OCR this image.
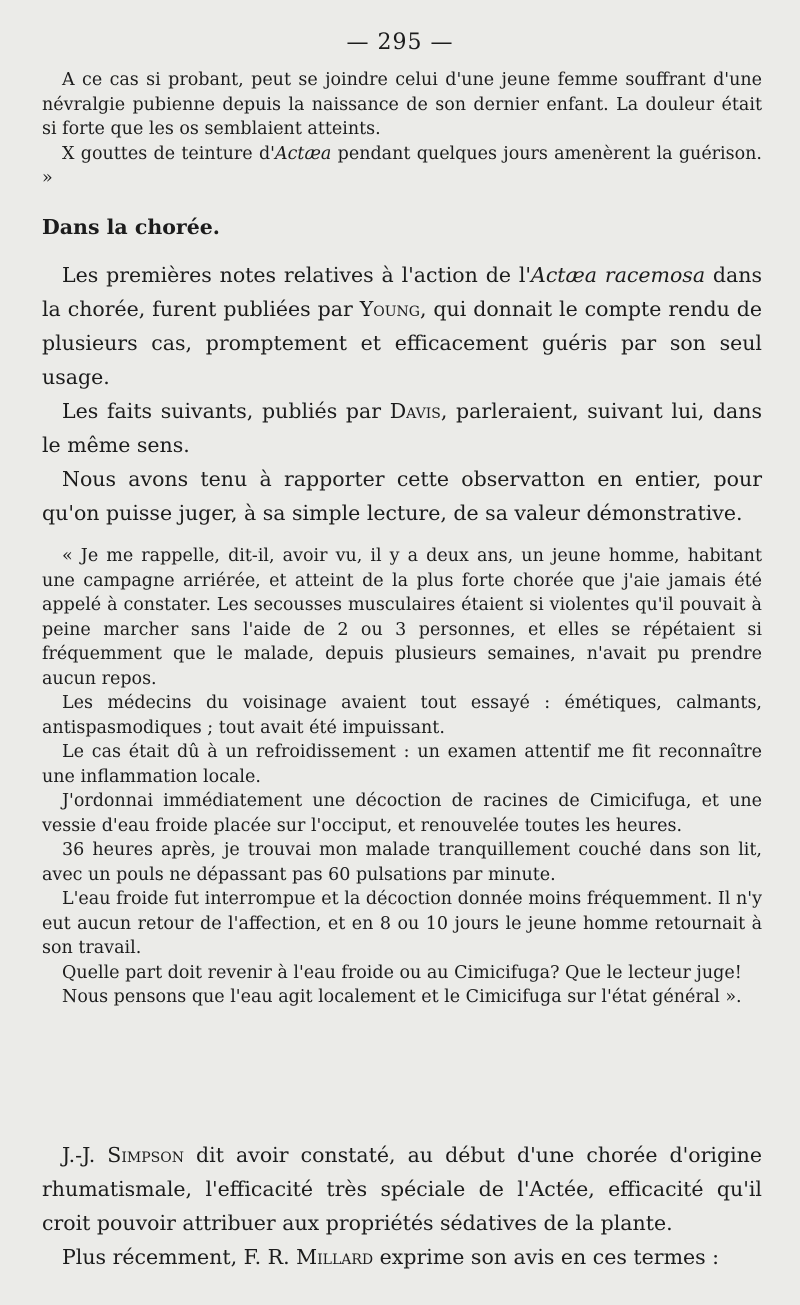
— 295 —

A ce cas si probant, peut se joindre celui d'une jeune femme souffrant d'une névralgie pubienne depuis la naissance de son dernier enfant. La douleur était si forte que les os semblaient atteints.

X gouttes de teinture d'Actæa pendant quelques jours amenèrent la guérison. »

Dans la chorée.

Les premières notes relatives à l'action de l'Actæa racemosa dans la chorée, furent publiées par Young, qui donnait le compte rendu de plusieurs cas, promptement et efficacement guéris par son seul usage.

Les faits suivants, publiés par Davis, parleraient, suivant lui, dans le même sens.

Nous avons tenu à rapporter cette observatton en entier, pour qu'on puisse juger, à sa simple lecture, de sa valeur démonstrative.

« Je me rappelle, dit-il, avoir vu, il y a deux ans, un jeune homme, habitant une campagne arriérée, et atteint de la plus forte chorée que j'aie jamais été appelé à constater. Les secousses musculaires étaient si violentes qu'il pouvait à peine marcher sans l'aide de 2 ou 3 personnes, et elles se répétaient si fréquemment que le malade, depuis plusieurs semaines, n'avait pu prendre aucun repos.

Les médecins du voisinage avaient tout essayé : émétiques, calmants, antispasmodiques ; tout avait été impuissant.

Le cas était dû à un refroidissement : un examen attentif me fit reconnaître une inflammation locale.

J'ordonnai immédiatement une décoction de racines de Cimicifuga, et une vessie d'eau froide placée sur l'occiput, et renouvelée toutes les heures.

36 heures après, je trouvai mon malade tranquillement couché dans son lit, avec un pouls ne dépassant pas 60 pulsations par minute.

L'eau froide fut interrompue et la décoction donnée moins fréquemment. Il n'y eut aucun retour de l'affection, et en 8 ou 10 jours le jeune homme retournait à son travail.

Quelle part doit revenir à l'eau froide ou au Cimicifuga? Que le lecteur juge!

Nous pensons que l'eau agit localement et le Cimicifuga sur l'état général ».

J.-J. Simpson dit avoir constaté, au début d'une chorée d'origine rhumatismale, l'efficacité très spéciale de l'Actée, efficacité qu'il croit pouvoir attribuer aux propriétés sédatives de la plante.

Plus récemment, F. R. Millard exprime son avis en ces termes :
